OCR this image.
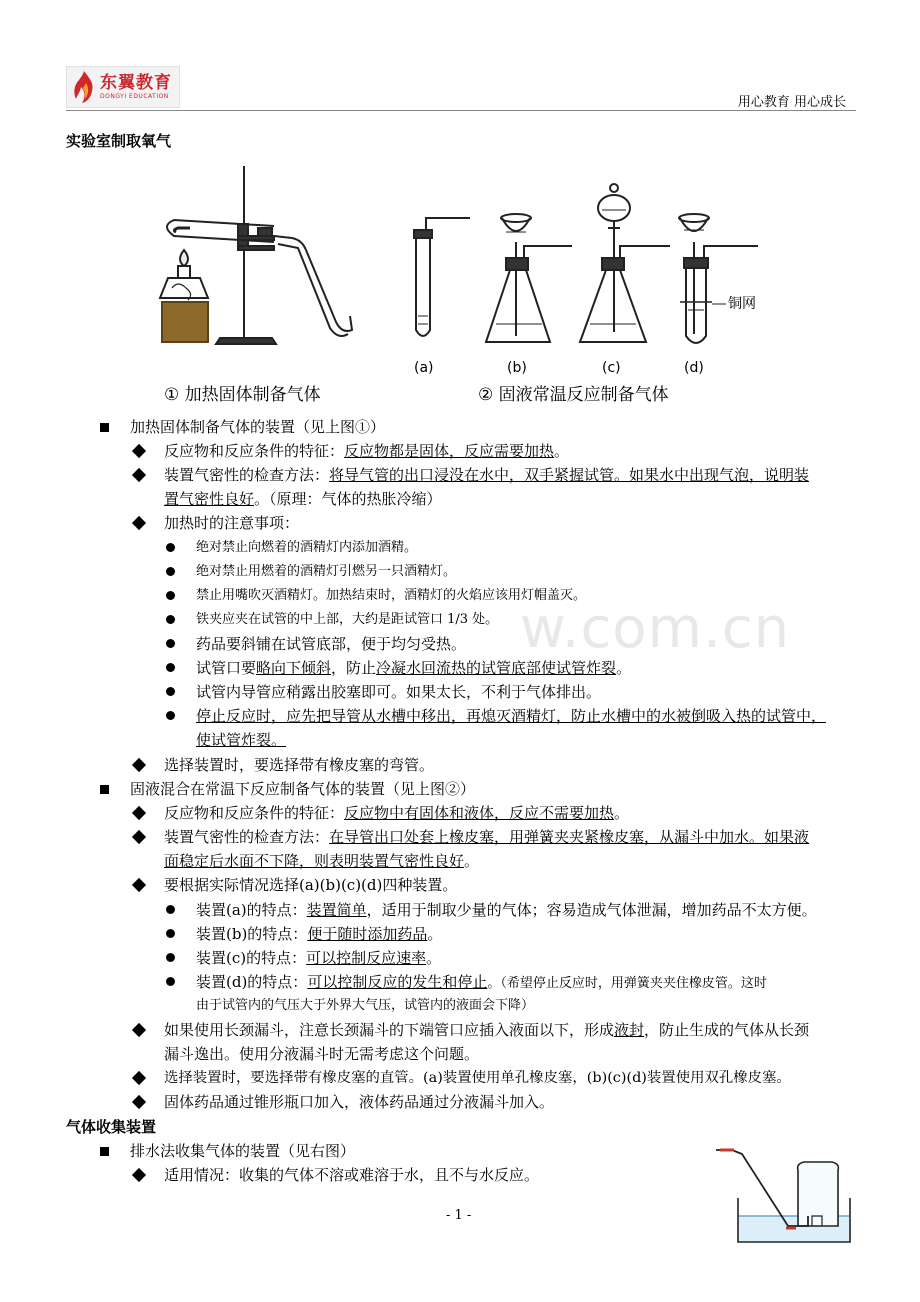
东翼教育
DONGYI EDUCATION	用心教育 用心成长
实验室制取氧气
(a)	(b)	(c)	(d)
铜网
① 加热固体制备气体	② 固液常温反应制备气体
w.com.cn
加热固体制备气体的装置（见上图①）
反应物和反应条件的特征：反应物都是固体，反应需要加热。
装置气密性的检查方法：将导气管的出口浸没在水中，双手紧握试管。如果水中出现气泡，说明装
置气密性良好。（原理：气体的热胀冷缩）
加热时的注意事项：
绝对禁止向燃着的酒精灯内添加酒精。
绝对禁止用燃着的酒精灯引燃另一只酒精灯。
禁止用嘴吹灭酒精灯。加热结束时，酒精灯的火焰应该用灯帽盖灭。
铁夹应夹在试管的中上部，大约是距试管口 1/3 处。
药品要斜铺在试管底部，便于均匀受热。
试管口要略向下倾斜，防止冷凝水回流热的试管底部使试管炸裂。
试管内导管应稍露出胶塞即可。如果太长，不利于气体排出。
停止反应时，应先把导管从水槽中移出，再熄灭酒精灯，防止水槽中的水被倒吸入热的试管中，
使试管炸裂。
选择装置时，要选择带有橡皮塞的弯管。
固液混合在常温下反应制备气体的装置（见上图②）
反应物和反应条件的特征：反应物中有固体和液体，反应不需要加热。
装置气密性的检查方法：在导管出口处套上橡皮塞，用弹簧夹夹紧橡皮塞，从漏斗中加水。如果液
面稳定后水面不下降，则表明装置气密性良好。
要根据实际情况选择(a)(b)(c)(d)四种装置。
装置(a)的特点：装置简单，适用于制取少量的气体；容易造成气体泄漏，增加药品不太方便。
装置(b)的特点：便于随时添加药品。
装置(c)的特点：可以控制反应速率。
装置(d)的特点：可以控制反应的发生和停止。（希望停止反应时，用弹簧夹夹住橡皮管。这时
由于试管内的气压大于外界大气压，试管内的液面会下降）
如果使用长颈漏斗，注意长颈漏斗的下端管口应插入液面以下，形成液封，防止生成的气体从长颈
漏斗逸出。使用分液漏斗时无需考虑这个问题。
选择装置时，要选择带有橡皮塞的直管。(a)装置使用单孔橡皮塞，(b)(c)(d)装置使用双孔橡皮塞。
固体药品通过锥形瓶口加入，液体药品通过分液漏斗加入。
气体收集装置
排水法收集气体的装置（见右图）
适用情况：收集的气体不溶或难溶于水，且不与水反应。
- 1 -
